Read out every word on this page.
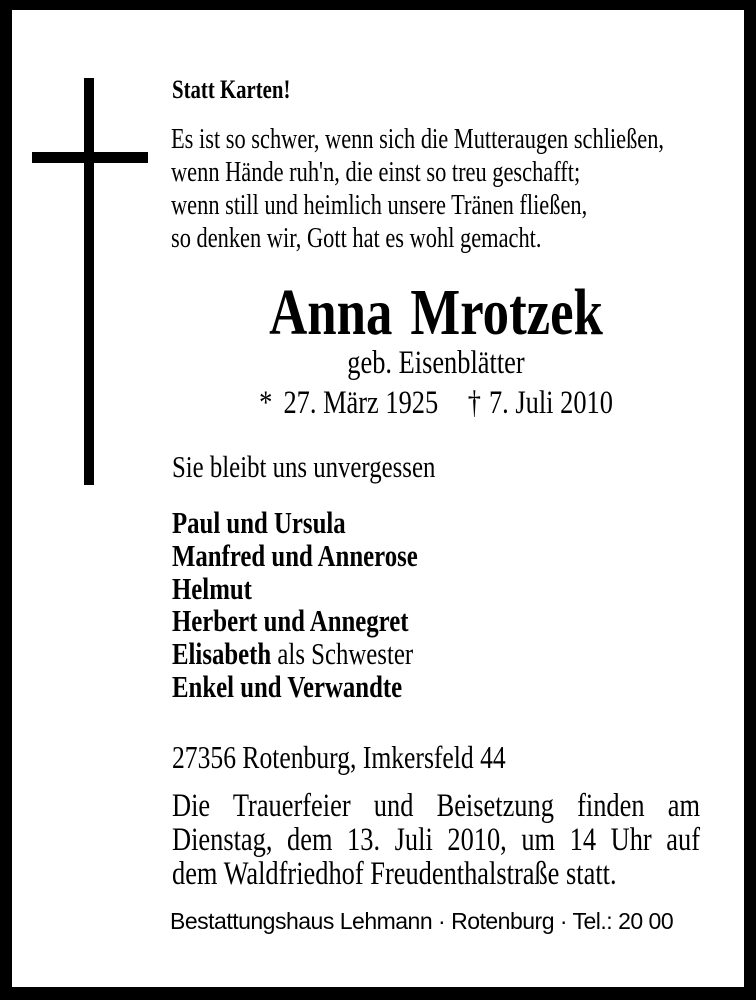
Statt Karten!
Es ist so schwer, wenn sich die Mutteraugen schließen,
wenn Hände ruh'n, die einst so treu geschafft;
wenn still und heimlich unsere Tränen fließen,
so denken wir, Gott hat es wohl gemacht.
Anna Mrotzek
geb. Eisenblätter
* 27. März 1925 † 7. Juli 2010
Sie bleibt uns unvergessen
Paul und Ursula
Manfred und Annerose
Helmut
Herbert und Annegret
Elisabeth als Schwester
Enkel und Verwandte
27356 Rotenburg, Imkersfeld 44
Die Trauerfeier und Beisetzung finden am
Dienstag, dem 13. Juli 2010, um 14 Uhr auf
dem Waldfriedhof Freudenthalstraße statt.
Bestattungshaus Lehmann · Rotenburg · Tel.: 20 00
